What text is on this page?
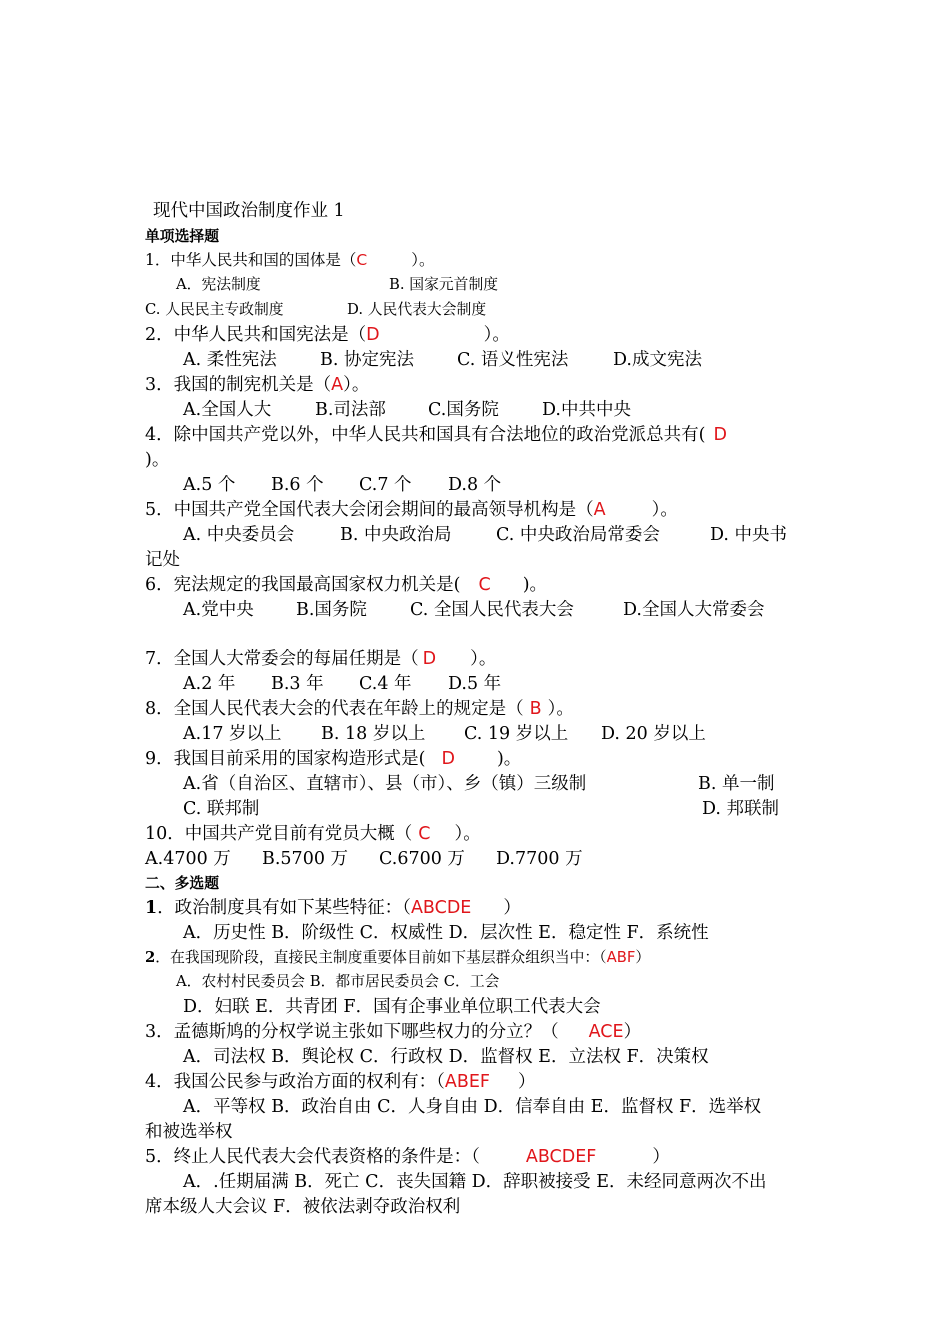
现代中国政治制度作业 1
单项选择题
1．中华人民共和国的国体是（C	）。
A．宪法制度	B. 国家元首制度
C. 人民民主专政制度	D. 人民代表大会制度
2．中华人民共和国宪法是（D	）。
A. 柔性宪法 B. 协定宪法 C. 语义性宪法	D.成文宪法
3．我国的制宪机关是（A）。
A.全国人大	B.司法部 C.国务院 D.中共中央
4．除中国共产党以外，中华人民共和国具有合法地位的政治党派总共有( D
)。
A.5 个 B.6 个 C.7 个 D.8 个
5．中国共产党全国代表大会闭会期间的最高领导机构是（A	）。
A. 中央委员会	B. 中央政治局	C. 中央政治局常委会	D. 中央书
记处
6．宪法规定的我国最高国家权力机关是( C )。
A.党中央 B.国务院 C. 全国人民代表大会	D.全国人大常委会
7．全国人大常委会的每届任期是（ D ）。
A.2 年 B.3 年 C.4 年 D.5 年
8．全国人民代表大会的代表在年龄上的规定是（ B ）。
A.17 岁以上 B. 18 岁以上 C. 19 岁以上 D. 20 岁以上
9．我国目前采用的国家构造形式是( D )。
A.省（自治区、直辖市）、县（市）、乡（镇）三级制	B. 单一制
C. 联邦制	D. 邦联制
10．中国共产党目前有党员大概（ C ）。
A.4700 万 B.5700 万 C.6700 万 D.7700 万
二、多选题
1．政治制度具有如下某些特征：（ABCDE ）
A．历史性 B．阶级性 C．权威性 D．层次性 E．稳定性 F．系统性
2．在我国现阶段，直接民主制度重要体目前如下基层群众组织当中：（ABF）
A．农村村民委员会 B．都市居民委员会 C．工会
D．妇联 E．共青团 F．国有企事业单位职工代表大会
3．孟德斯鸠的分权学说主张如下哪些权力的分立？（ ACE）
A．司法权 B．舆论权 C．行政权 D．监督权 E．立法权 F．决策权
4．我国公民参与政治方面的权利有：（ABEF ）
A．平等权 B．政治自由 C．人身自由 D．信奉自由 E．监督权 F．选举权
和被选举权
5．终止人民代表大会代表资格的条件是：（	ABCDEF	）
A．.任期届满 B．死亡 C．丧失国籍 D．辞职被接受 E．未经同意两次不出
席本级人大会议 F．被依法剥夺政治权利
